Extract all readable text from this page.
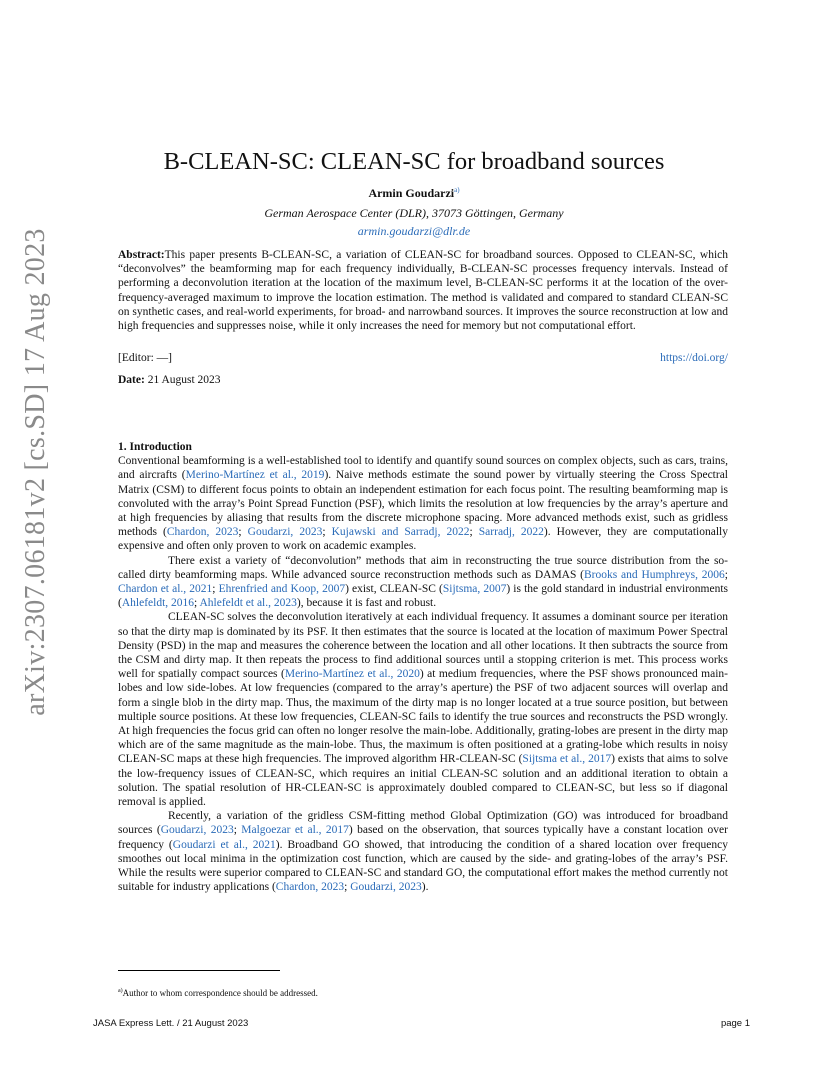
arXiv:2307.06181v2 [cs.SD] 17 Aug 2023
B-CLEAN-SC: CLEAN-SC for broadband sources
Armin Goudarzi$^{a)}$
German Aerospace Center (DLR), 37073 Göttingen, Germany
armin.goudarzi@dlr.de
Abstract:This paper presents B-CLEAN-SC, a variation of CLEAN-SC for broadband sources. Opposed to CLEAN-SC, which “deconvolves” the beamforming map for each frequency individually, B-CLEAN-SC processes frequency intervals. Instead of performing a deconvolution iteration at the location of the maximum level, B-CLEAN-SC performs it at the location of the over-frequency-averaged maximum to improve the location estimation. The method is validated and compared to standard CLEAN-SC on synthetic cases, and real-world experiments, for broad- and narrowband sources. It improves the source reconstruction at low and high frequencies and suppresses noise, while it only increases the need for memory but not computational effort.
[Editor: —]	https://doi.org/
Date: 21 August 2023
1. Introduction

Conventional beamforming is a well-established tool to identify and quantify sound sources on complex objects, such as cars, trains, and aircrafts (Merino-Martínez et al., 2019). Naive methods estimate the sound power by virtually steering the Cross Spectral Matrix (CSM) to different focus points to obtain an independent estimation for each focus point. The resulting beamforming map is convoluted with the array’s Point Spread Function (PSF), which limits the resolution at low frequencies by the array’s aperture and at high frequencies by aliasing that results from the discrete microphone spacing. More advanced methods exist, such as gridless methods (Chardon, 2023; Goudarzi, 2023; Kujawski and Sarradj, 2022; Sarradj, 2022). However, they are computationally expensive and often only proven to work on academic examples.

There exist a variety of “deconvolution” methods that aim in reconstructing the true source distribution from the so-called dirty beamforming maps. While advanced source reconstruction methods such as DAMAS (Brooks and Humphreys, 2006; Chardon et al., 2021; Ehrenfried and Koop, 2007) exist, CLEAN-SC (Sijtsma, 2007) is the gold standard in industrial environments (Ahlefeldt, 2016; Ahlefeldt et al., 2023), because it is fast and robust.

CLEAN-SC solves the deconvolution iteratively at each individual frequency. It assumes a dominant source per iteration so that the dirty map is dominated by its PSF. It then estimates that the source is located at the location of maximum Power Spectral Density (PSD) in the map and measures the coherence between the location and all other locations. It then subtracts the source from the CSM and dirty map. It then repeats the process to find additional sources until a stopping criterion is met. This process works well for spatially compact sources (Merino-Martínez et al., 2020) at medium frequencies, where the PSF shows pronounced main-lobes and low side-lobes. At low frequencies (compared to the array’s aperture) the PSF of two adjacent sources will overlap and form a single blob in the dirty map. Thus, the maximum of the dirty map is no longer located at a true source position, but between multiple source positions. At these low frequencies, CLEAN-SC fails to identify the true sources and reconstructs the PSD wrongly. At high frequencies the focus grid can often no longer resolve the main-lobe. Additionally, grating-lobes are present in the dirty map which are of the same magnitude as the main-lobe. Thus, the maximum is often positioned at a grating-lobe which results in noisy CLEAN-SC maps at these high frequencies. The improved algorithm HR-CLEAN-SC (Sijtsma et al., 2017) exists that aims to solve the low-frequency issues of CLEAN-SC, which requires an initial CLEAN-SC solution and an additional iteration to obtain a solution. The spatial resolution of HR-CLEAN-SC is approximately doubled compared to CLEAN-SC, but less so if diagonal removal is applied.

Recently, a variation of the gridless CSM-fitting method Global Optimization (GO) was introduced for broadband sources (Goudarzi, 2023; Malgoezar et al., 2017) based on the observation, that sources typically have a constant location over frequency (Goudarzi et al., 2021). Broadband GO showed, that introducing the condition of a shared location over frequency smoothes out local minima in the optimization cost function, which are caused by the side- and grating-lobes of the array’s PSF. While the results were superior compared to CLEAN-SC and standard GO, the computational effort makes the method currently not suitable for industry applications (Chardon, 2023; Goudarzi, 2023).

$^{a)}$Author to whom correspondence should be addressed.
JASA Express Lett. / 21 August 2023	page 1
